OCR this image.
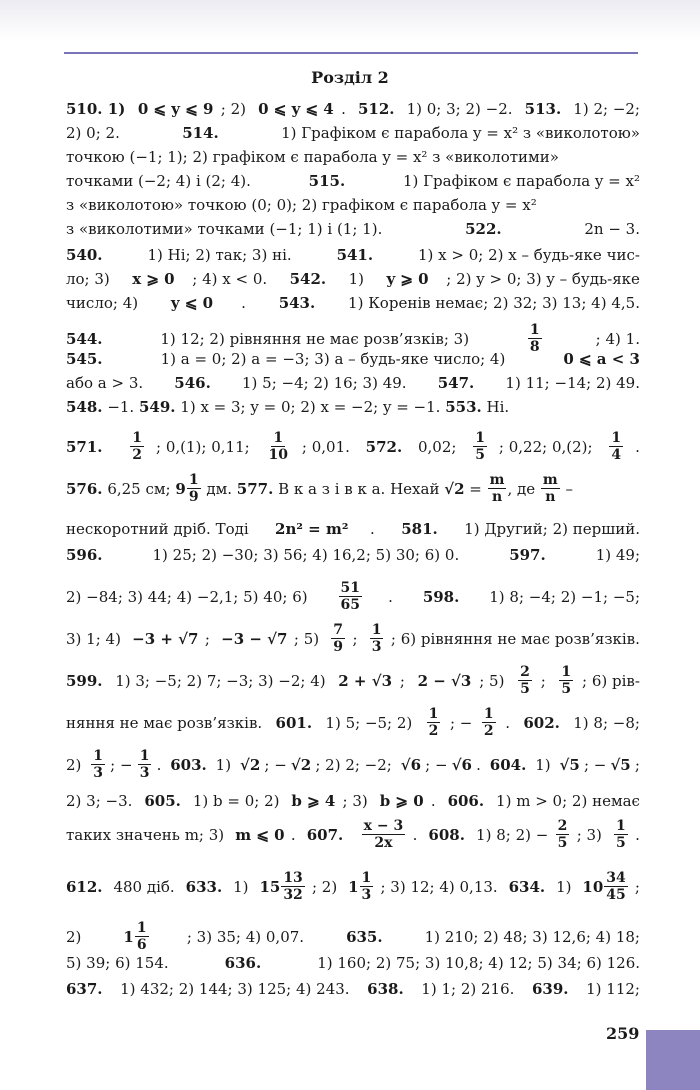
Розділ 2
510. 1) 0 ⩽ y ⩽ 9 ; 2) 0 ⩽ y ⩽ 4 . 512. 1) 0; 3; 2) −2. 513. 1) 2; −2;
2) 0; 2.	514.	1) Графіком є парабола y = x² з «виколотою»
точкою (−1; 1); 2) графіком є парабола y = x² з «виколотими»
точками (−2; 4) і (2; 4).	515.	1) Графіком є парабола y = x²
з «виколотою» точкою (0; 0); 2) графіком є парабола y = x²
з «виколотими» точками (−1; 1) і (1; 1).	522.	2n − 3.
540.	1) Ні; 2) так; 3) ні.	541.	1) x > 0; 2) x – будь-яке чис-
ло; 3) x ⩾ 0 ; 4) x < 0. 542. 1) y ⩾ 0 ; 2) y > 0; 3) y – будь-яке
число; 4) y ⩽ 0 . 543. 1) Коренів немає; 2) 32; 3) 13; 4) 4,5.
544.	1) 12; 2) рівняння не має розв’язків; 3)	$\frac{1}{8}$	; 4) 1.
545.	1) a = 0; 2) a = −3; 3) a – будь-яке число; 4)	0 ⩽ a < 3
або a > 3. 546. 1) 5; −4; 2) 16; 3) 49. 547. 1) 11; −14; 2) 49.
548. −1. 549. 1) x = 3; y = 0; 2) x = −2; y = −1. 553. Ні.
571.
$\frac{1}{2}$ ; 0,(1); 0,11; $\frac{1}{10}$ ; 0,01. 572. 0,02; $\frac{1}{5}$ ; 0,22; 0,(2); $\frac{1}{4}$ .
576. 6,25 см; $9 \frac{1}{9}$ дм. 577. В к а з і в к а. Нехай $√2 = \frac{m}{n}$ , де $\frac{m}{n}$ –
нескоротний дріб. Тоді 2n² = m² . 581. 1) Другий; 2) перший.
596.	1) 25; 2) −30; 3) 56; 4) 16,2; 5) 30; 6) 0.	597.	1) 49;
2) −84; 3) 44; 4) −2,1; 5) 40; $6) \frac{51}{65}$ . 598. 1) 8; −4; 2) −1; −5;
3) 1; 4) −3 + √7 ; −3 − √7 ; $5) \frac{7}{9}$ ; $\frac{1}{3}$ ; 6) рівняння не має розв’язків.
599. 1) 3; −5; 2) 7; −3; 3) −2; 4) 2 + √3 ; 2 − √3 ; $5) \frac{2}{5}$ ; $\frac{1}{5}$ ; 6) рів-
няння не має розв’язків. 601. 1) 5; −5; $2) \frac{1}{2}$ ; − $\frac{1}{2}$ . 602. 1) 8; −8;
$2) \frac{1}{3}$ ; − $\frac{1}{3}$ . 603. 1) √2 ; − √2 ; 2) 2; −2; √6 ; − √6 . 604. 1) √5 ; − √5 ;
2) 3; −3. 605. 1) b = 0; 2) b ⩾ 4 ; 3) b ⩾ 0 . 606. 1) m > 0; 2) немає
таких значень m; 3) m ⩽ 0 . 607.
$\frac{x - 3}{2x}$ . 608. 1) 8; $2) - \frac{2}{5}$ ; $3) \frac{1}{5}$ .
612. 480 діб. 633. 1) $15 \frac{13}{32}$ ; 2) $1 \frac{1}{3}$ ; 3) 12; 4) 0,13. 634. 1) $10 \frac{34}{45}$ ;
2) $1 \frac{1}{6}$	; 3) 35; 4) 0,07. 635. 1) 210; 2) 48; 3) 12,6; 4) 18;
5) 39; 6) 154.	636.	1) 160; 2) 75; 3) 10,8; 4) 12; 5) 34; 6) 126.
637. 1) 432; 2) 144; 3) 125; 4) 243. 638. 1) 1; 2) 216. 639. 1) 112;
259
